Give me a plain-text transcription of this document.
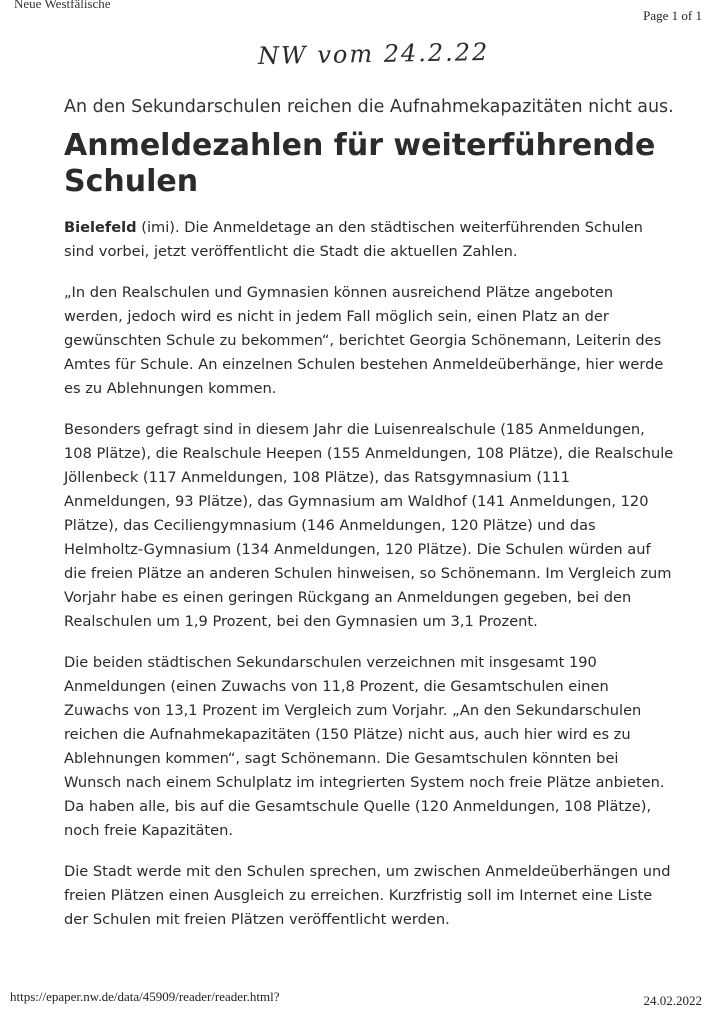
Neue Westfälische
Page 1 of 1
NW vom 24.2.22

An den Sekundarschulen reichen die Aufnahmekapazitäten nicht aus.

Anmeldezahlen für weiterführende Schulen

Bielefeld (imi). Die Anmeldetage an den städtischen weiterführenden Schulen sind vorbei, jetzt veröffentlicht die Stadt die aktuellen Zahlen.

„In den Realschulen und Gymnasien können ausreichend Plätze angeboten werden, jedoch wird es nicht in jedem Fall möglich sein, einen Platz an der gewünschten Schule zu bekommen“, berichtet Georgia Schönemann, Leiterin des Amtes für Schule. An einzelnen Schulen bestehen Anmeldeüberhänge, hier werde es zu Ablehnungen kommen.

Besonders gefragt sind in diesem Jahr die Luisenrealschule (185 Anmeldungen, 108 Plätze), die Realschule Heepen (155 Anmeldungen, 108 Plätze), die Realschule Jöllenbeck (117 Anmeldungen, 108 Plätze), das Ratsgymnasium (111 Anmeldungen, 93 Plätze), das Gymnasium am Waldhof (141 Anmeldungen, 120 Plätze), das Ceciliengymnasium (146 Anmeldungen, 120 Plätze) und das Helmholtz-Gymnasium (134 Anmeldungen, 120 Plätze). Die Schulen würden auf die freien Plätze an anderen Schulen hinweisen, so Schönemann. Im Vergleich zum Vorjahr habe es einen geringen Rückgang an Anmeldungen gegeben, bei den Realschulen um 1,9 Prozent, bei den Gymnasien um 3,1 Prozent.

Die beiden städtischen Sekundarschulen verzeichnen mit insgesamt 190 Anmeldungen (einen Zuwachs von 11,8 Prozent, die Gesamtschulen einen Zuwachs von 13,1 Prozent im Vergleich zum Vorjahr. „An den Sekundarschulen reichen die Aufnahmekapazitäten (150 Plätze) nicht aus, auch hier wird es zu Ablehnungen kommen“, sagt Schönemann. Die Gesamtschulen könnten bei Wunsch nach einem Schulplatz im integrierten System noch freie Plätze anbieten. Da haben alle, bis auf die Gesamtschule Quelle (120 Anmeldungen, 108 Plätze), noch freie Kapazitäten.

Die Stadt werde mit den Schulen sprechen, um zwischen Anmeldeüberhängen und freien Plätzen einen Ausgleich zu erreichen. Kurzfristig soll im Internet eine Liste der Schulen mit freien Plätzen veröffentlicht werden.

https://epaper.nw.de/data/45909/reader/reader.html?	24.02.2022
